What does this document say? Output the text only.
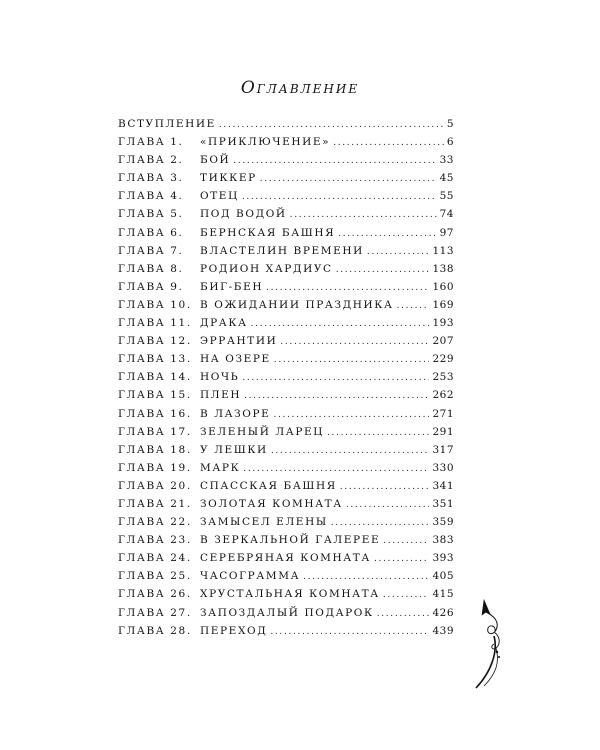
Оглавление
ВСТУПЛЕНИЕ . . .	5
ГЛАВА 1.	«ПРИКЛЮЧЕНИЕ» . . .	6
ГЛАВА 2.	БОЙ . . .	33
ГЛАВА 3.	ТИККЕР . . .	45
ГЛАВА 4.	ОТЕЦ . . .	55
ГЛАВА 5.	ПОД ВОДОЙ . . .	74
ГЛАВА 6.	БЕРНСКАЯ БАШНЯ . . .	97
ГЛАВА 7.	ВЛАСТЕЛИН ВРЕМЕНИ . . .	113
ГЛАВА 8.	РОДИОН ХАРДИУС . . .	138
ГЛАВА 9.	БИГ-БЕН . . .	160
ГЛАВА 10. В ОЖИДАНИИ ПРАЗДНИКА . . .	169
ГЛАВА 11. ДРАКА . . .	193
ГЛАВА 12. ЭРРАНТИИ . . .	207
ГЛАВА 13. НА ОЗЕРЕ . . .	229
ГЛАВА 14. НОЧЬ . . .	253
ГЛАВА 15. ПЛЕН . . .	262
ГЛАВА 16. В ЛАЗОРЕ . . .	271
ГЛАВА 17. ЗЕЛЕНЫЙ ЛАРЕЦ . . .	291
ГЛАВА 18. У ЛЕШКИ . . .	317
ГЛАВА 19. МАРК . . .	330
ГЛАВА 20. СПАССКАЯ БАШНЯ . . .	341
ГЛАВА 21. ЗОЛОТАЯ КОМНАТА . . .	351
ГЛАВА 22. ЗАМЫСЕЛ ЕЛЕНЫ . . .	359
ГЛАВА 23. В ЗЕРКАЛЬНОЙ ГАЛЕРЕЕ . . .	383
ГЛАВА 24. СЕРЕБРЯНАЯ КОМНАТА . . .	393
ГЛАВА 25. ЧАСОГРАММА . . .	405
ГЛАВА 26. ХРУСТАЛЬНАЯ КОМНАТА . . .	415
ГЛАВА 27. ЗАПОЗДАЛЫЙ ПОДАРОК . . .	426
ГЛАВА 28. ПЕРЕХОД . . .	439
